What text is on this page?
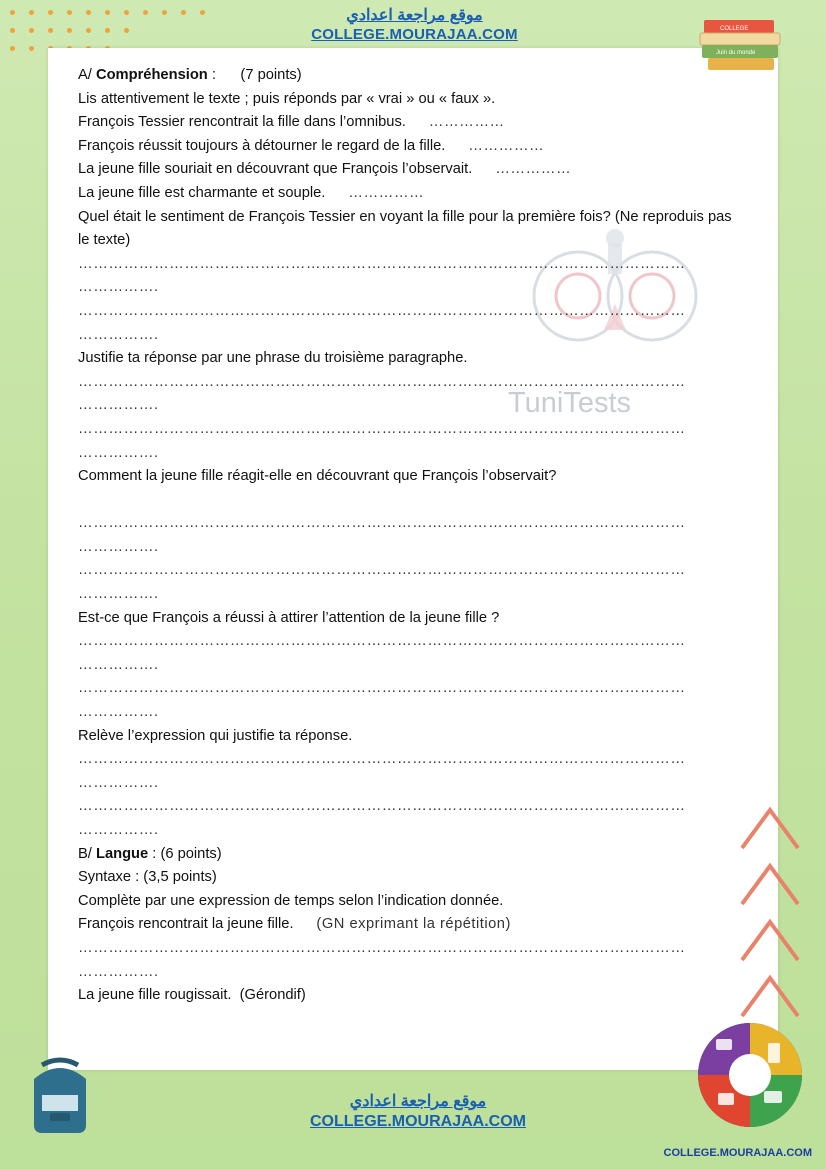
TuniTests
موقع مراجعة اعدادي
COLLEGE.MOURAJAA.COM	COLLEGE
Juin du monde
A/ Compréhension :      (7 points)
Lis attentivement le texte ; puis réponds par « vrai » ou « faux ».
François Tessier rencontrait la fille dans l’omnibus.     ……………
François réussit toujours à détourner le regard de la fille.     ……………
La jeune fille souriait en découvrant que François l’observait.     ……………
La jeune fille est charmante et souple.     ……………
Quel était le sentiment de François Tessier en voyant la fille pour la première fois? (Ne reproduis pas le texte)
…………………………………………………………………………………………………………
…………….
…………………………………………………………………………………………………………
…………….
Justifie ta réponse par une phrase du troisième paragraphe.
…………………………………………………………………………………………………………
…………….
…………………………………………………………………………………………………………
…………….
Comment la jeune fille réagit-elle en découvrant que François l’observait?

…………………………………………………………………………………………………………
…………….
…………………………………………………………………………………………………………
…………….
Est-ce que François a réussi à attirer l’attention de la jeune fille ?
…………………………………………………………………………………………………………
…………….
…………………………………………………………………………………………………………
…………….
Relève l’expression qui justifie ta réponse.
…………………………………………………………………………………………………………
…………….
…………………………………………………………………………………………………………
…………….
B/ Langue : (6 points)
Syntaxe : (3,5 points)
Complète par une expression de temps selon l’indication donnée.
François rencontrait la jeune fille.     (GN exprimant la répétition)
…………………………………………………………………………………………………………
…………….
La jeune fille rougissait.  (Gérondif)
موقع مراجعة اعدادي
COLLEGE.MOURAJAA.COM
COLLEGE.MOURAJAA.COM
